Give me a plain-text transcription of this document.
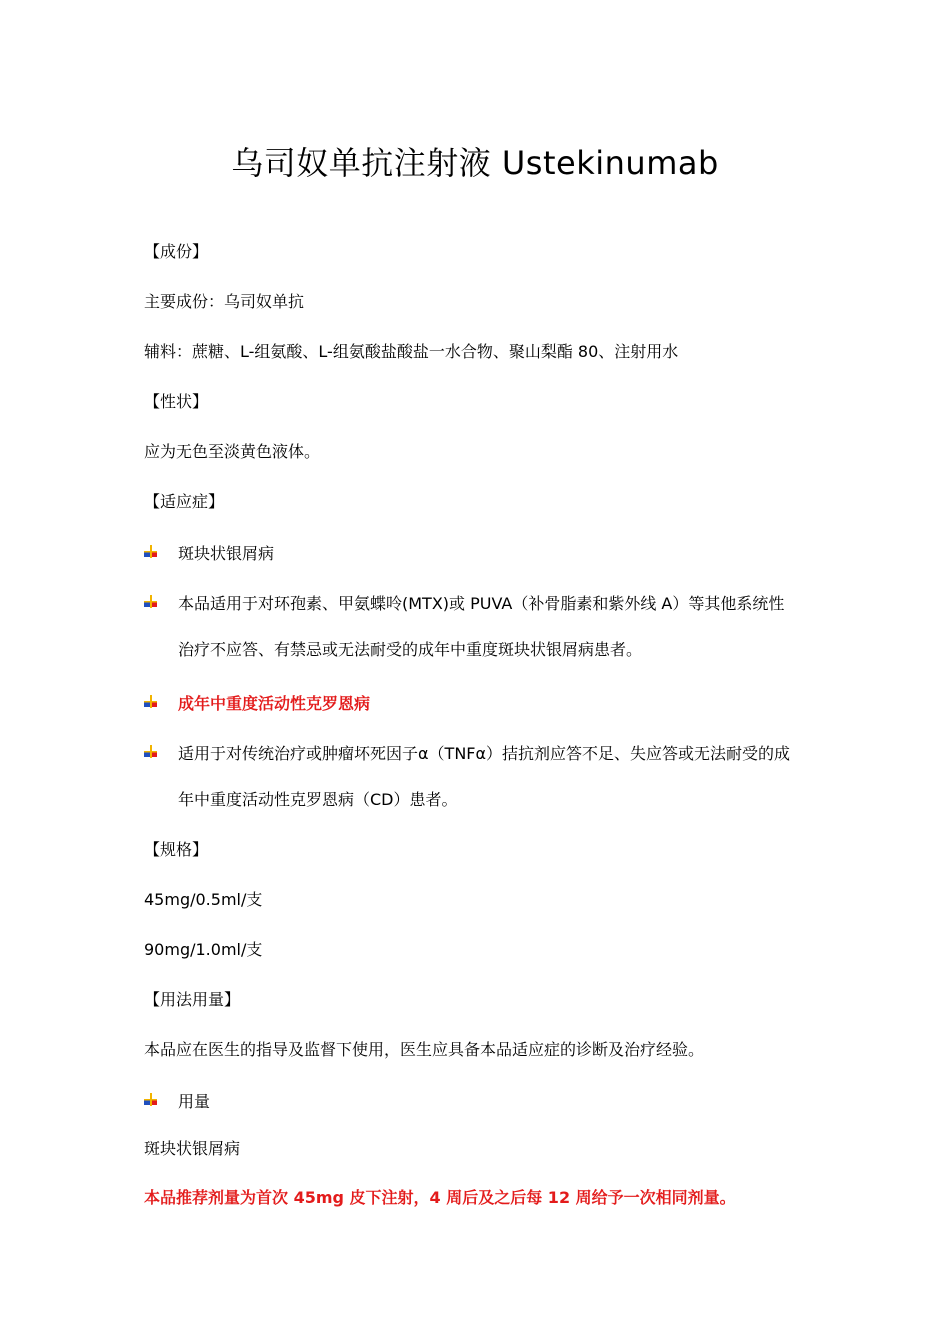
乌司奴单抗注射液 Ustekinumab
【成份】
主要成份：乌司奴单抗
辅料：蔗糖、L-组氨酸、L-组氨酸盐酸盐一水合物、聚山梨酯 80、注射用水
【性状】
应为无色至淡黄色液体。
【适应症】
斑块状银屑病
本品适用于对环孢素、甲氨蝶呤(MTX)或 PUVA（补骨脂素和紫外线 A）等其他系统性
治疗不应答、有禁忌或无法耐受的成年中重度斑块状银屑病患者。
成年中重度活动性克罗恩病
适用于对传统治疗或肿瘤坏死因子α（TNFα）拮抗剂应答不足、失应答或无法耐受的成
年中重度活动性克罗恩病（CD）患者。
【规格】
45mg/0.5ml/支
90mg/1.0ml/支
【用法用量】
本品应在医生的指导及监督下使用，医生应具备本品适应症的诊断及治疗经验。
用量
斑块状银屑病
本品推荐剂量为首次 45mg 皮下注射，4 周后及之后每 12 周给予一次相同剂量。
